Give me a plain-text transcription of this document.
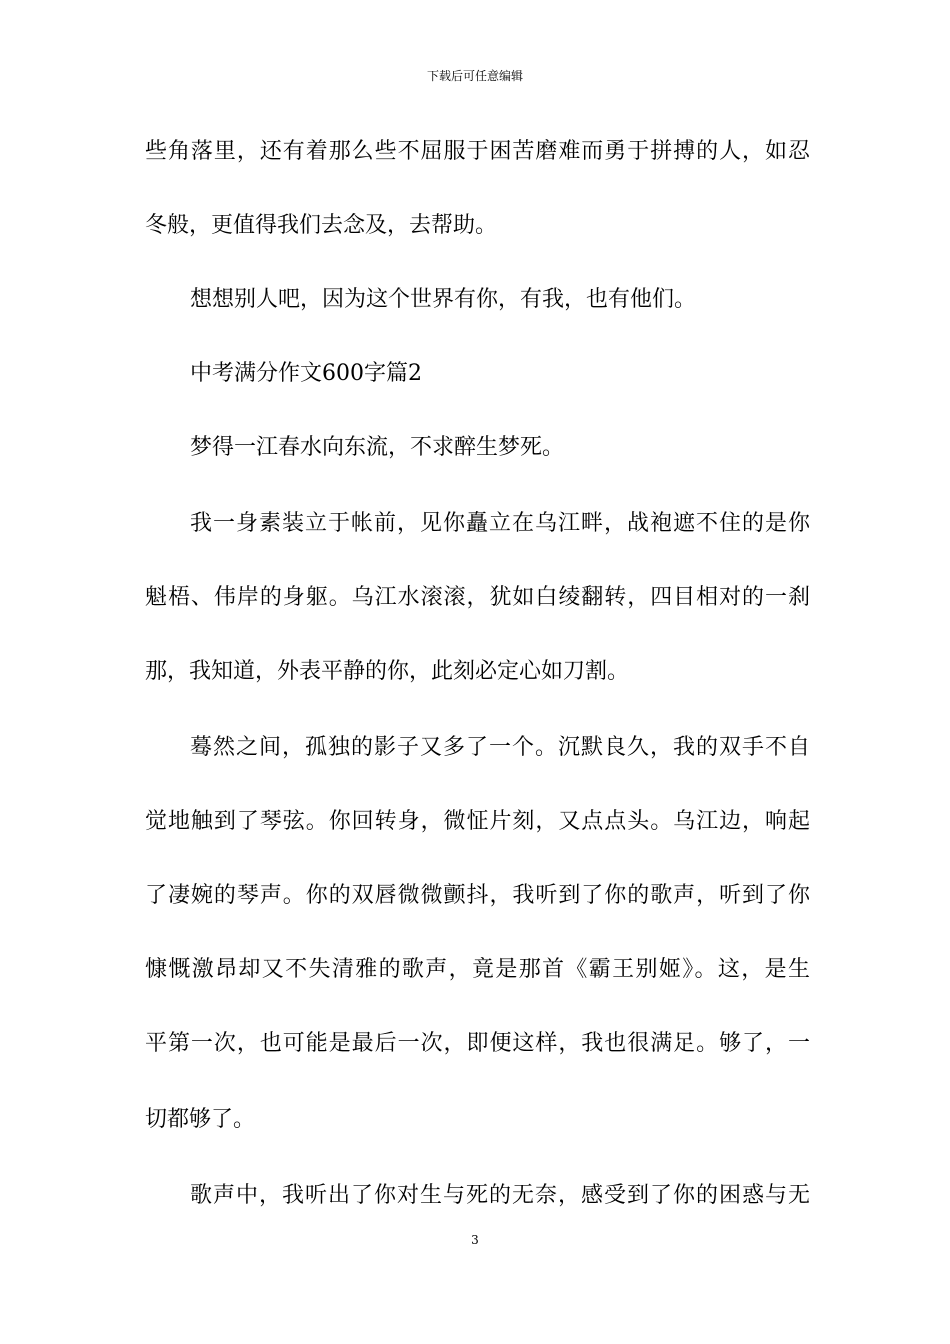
下载后可任意编辑
些角落里，还有着那么些不屈服于困苦磨难而勇于拼搏的人，如忍
冬般，更值得我们去念及，去帮助。
想想别人吧，因为这个世界有你，有我，也有他们。
中考满分作文600字篇2
梦得一江春水向东流，不求醉生梦死。
我一身素装立于帐前，见你矗立在乌江畔，战袍遮不住的是你
魁梧、伟岸的身躯。乌江水滚滚，犹如白绫翻转，四目相对的一刹
那，我知道，外表平静的你，此刻必定心如刀割。
蓦然之间，孤独的影子又多了一个。沉默良久，我的双手不自
觉地触到了琴弦。你回转身，微怔片刻，又点点头。乌江边，响起
了凄婉的琴声。你的双唇微微颤抖，我听到了你的歌声，听到了你
慷慨激昂却又不失清雅的歌声，竟是那首《霸王别姬》。这，是生
平第一次，也可能是最后一次，即便这样，我也很满足。够了，一
切都够了。
歌声中，我听出了你对生与死的无奈，感受到了你的困惑与无
3
